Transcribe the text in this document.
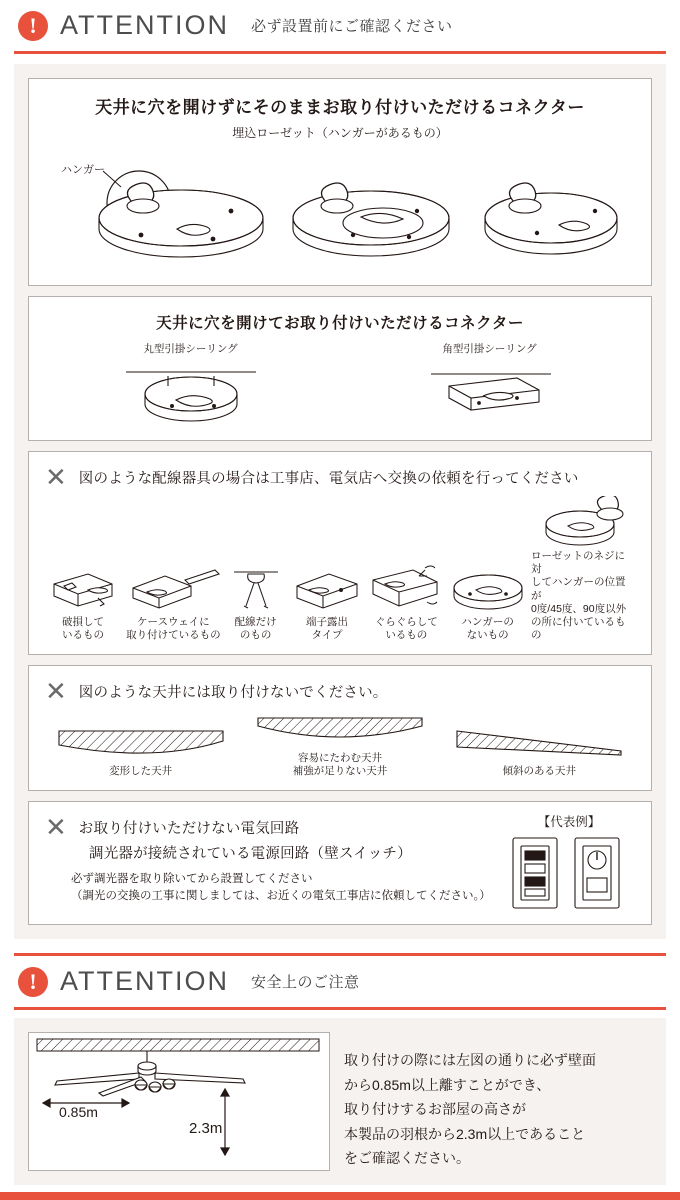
! ATTENTION 必ず設置前にご確認ください
天井に穴を開けずにそのままお取り付けいただけるコネクター
埋込ローゼット（ハンガーがあるもの）
ハンガー
天井に穴を開けてお取り付けいただけるコネクター
丸型引掛シーリング	角型引掛シーリング
✕ 図のような配線器具の場合は工事店、電気店へ交換の依頼を行ってください
破損して
いるもの
ケースウェイに
取り付けているもの
配線だけ
のもの
端子露出
タイプ
ぐらぐらして
いるもの
ハンガーの
ないもの
ローゼットのネジに対
してハンガーの位置が
0度/45度、90度以外
の所に付いているもの
✕ 図のような天井には取り付けないでください。
変形した天井
容易にたわむ天井
補強が足りない天井	傾斜のある天井
✕ お取り付けいただけない電気回路
調光器が接続されている電源回路（壁スイッチ）
必ず調光器を取り除いてから設置してください
（調光の交換の工事に関しましては、お近くの電気工事店に依頼してください。）
【代表例】
! ATTENTION 安全上のご注意
0.85m
2.3m
取り付けの際には左図の通りに必ず壁面
から0.85m以上離すことができ、
取り付けするお部屋の高さが
本製品の羽根から2.3m以上であること
をご確認ください。
